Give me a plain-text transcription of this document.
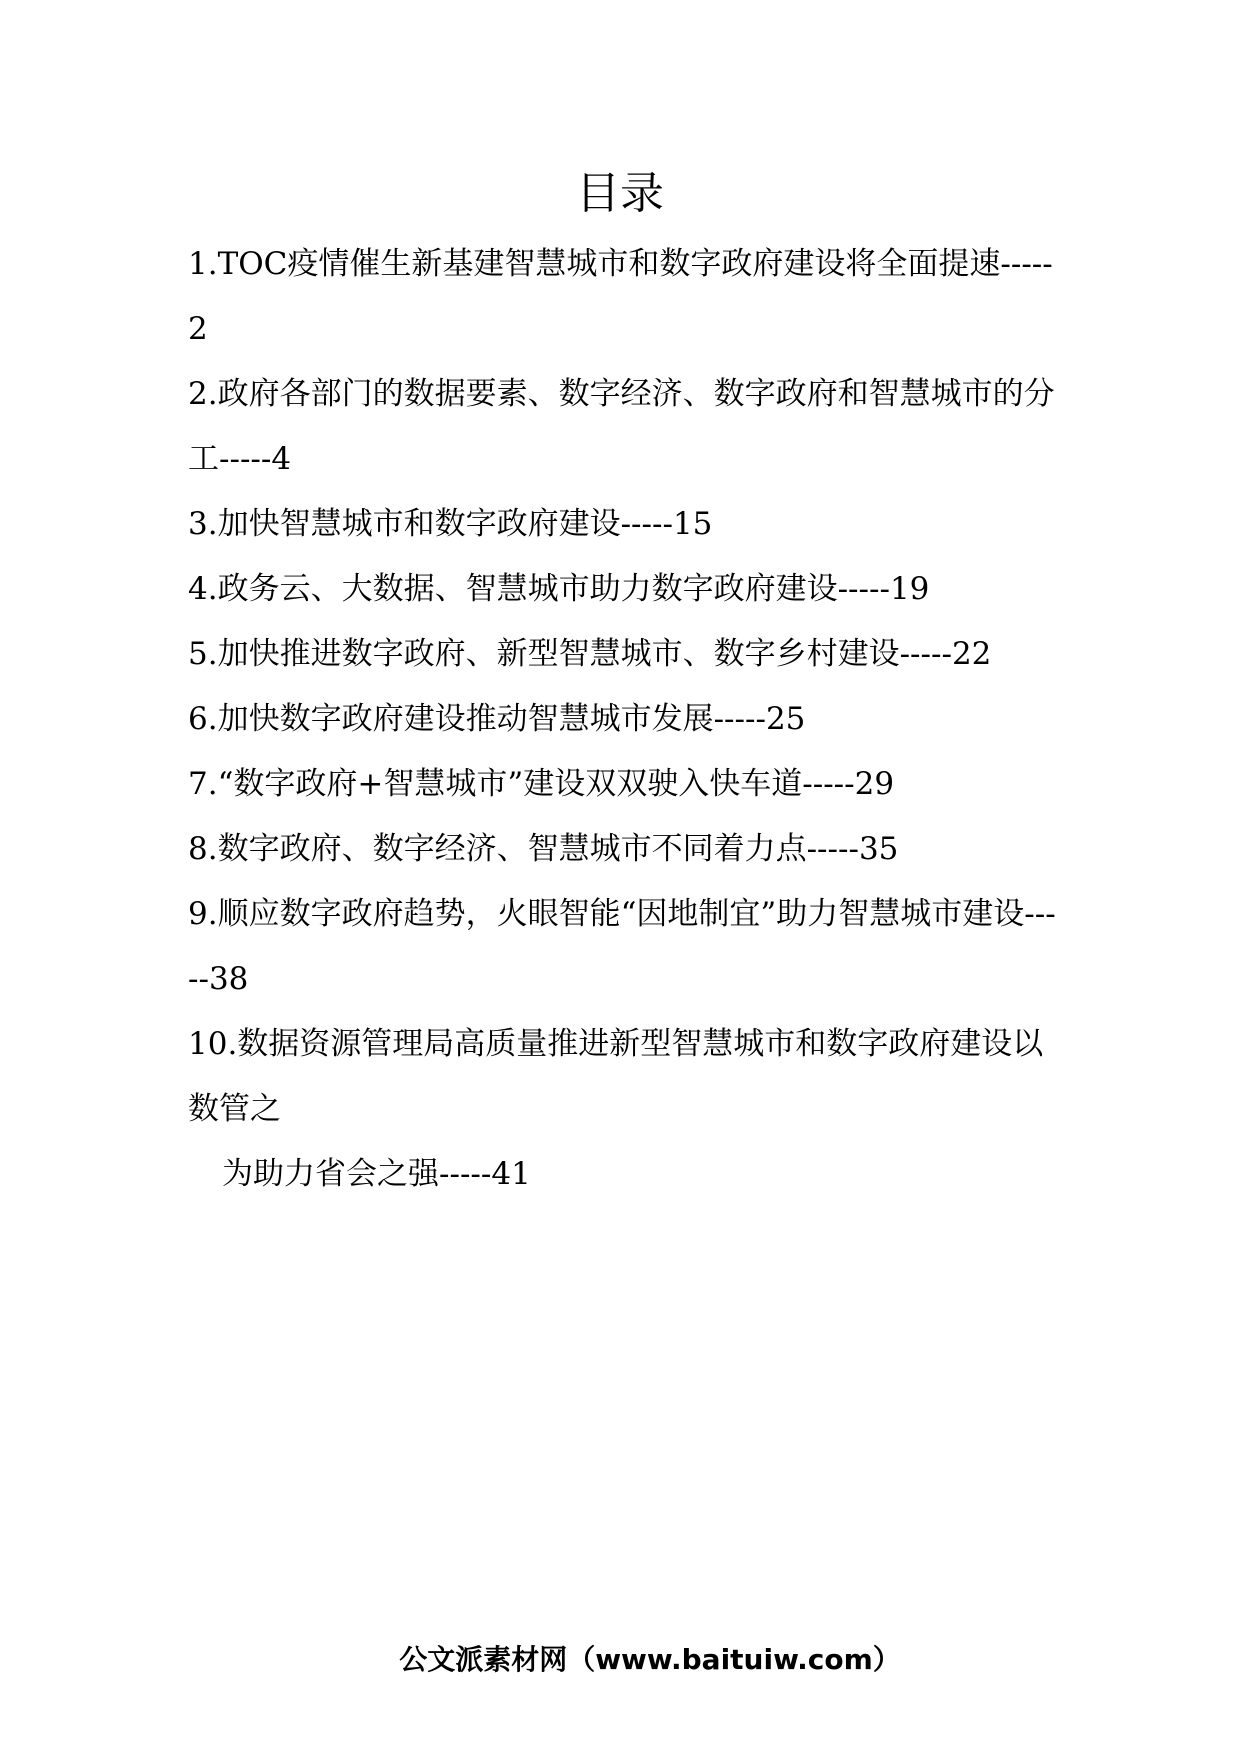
目录
1.TOC疫情催生新基建智慧城市和数字政府建设将全面提速-----2
2.政府各部门的数据要素、数字经济、数字政府和智慧城市的分工-----4
3.加快智慧城市和数字政府建设-----15
4.政务云、大数据、智慧城市助力数字政府建设-----19
5.加快推进数字政府、新型智慧城市、数字乡村建设-----22
6.加快数字政府建设推动智慧城市发展-----25
7.“数字政府+智慧城市”建设双双驶入快车道-----29
8.数字政府、数字经济、智慧城市不同着力点-----35
9.顺应数字政府趋势，火眼智能“因地制宜”助力智慧城市建设-----38
10.数据资源管理局高质量推进新型智慧城市和数字政府建设以数管之
为助力省会之强-----41
公文派素材网（www.baituiw.com）
